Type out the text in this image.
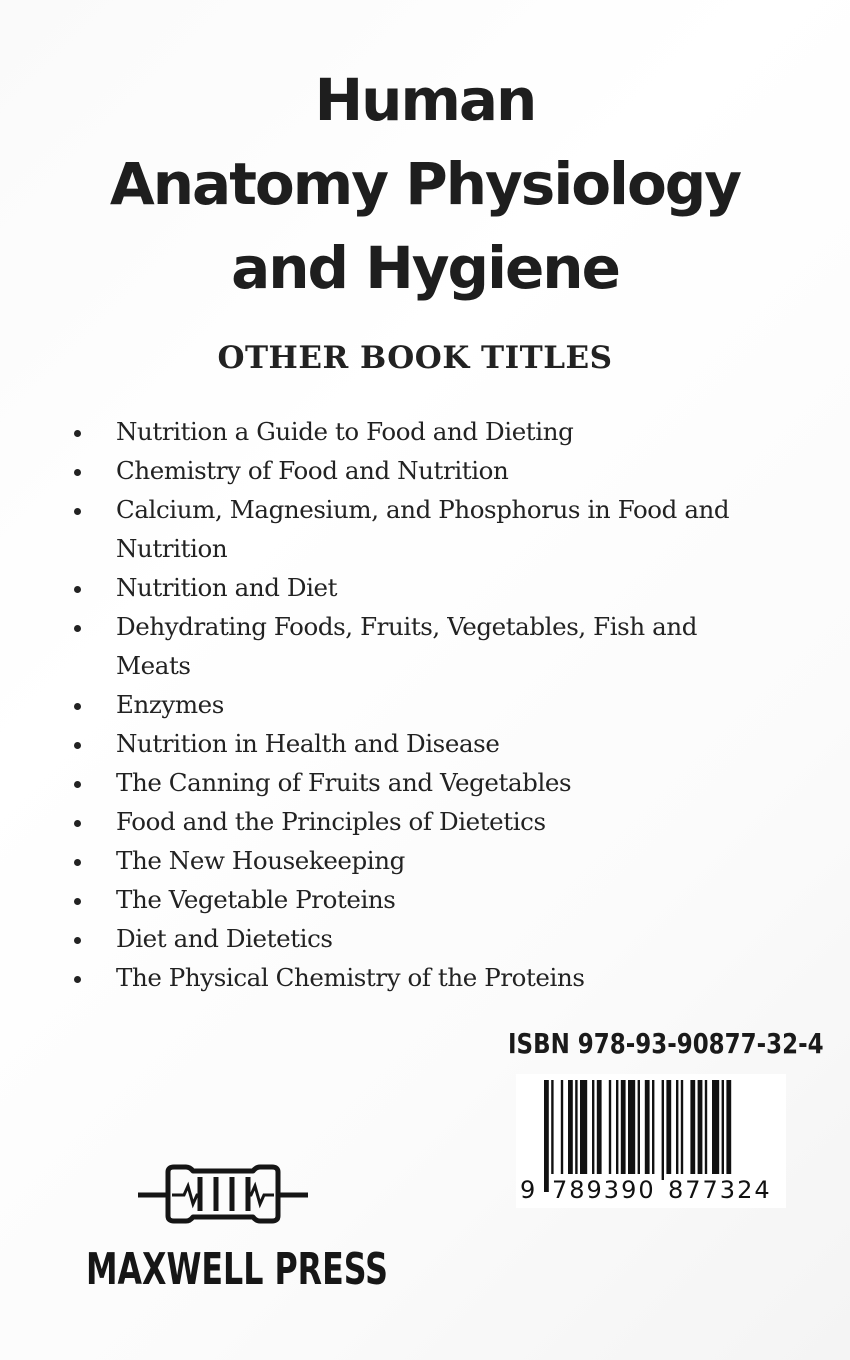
Human
Anatomy Physiology
and Hygiene
OTHER BOOK TITLES
Nutrition a Guide to Food and Dieting
Chemistry of Food and Nutrition
Calcium, Magnesium, and Phosphorus in Food and Nutrition
Nutrition and Diet
Dehydrating Foods, Fruits, Vegetables, Fish and Meats
Enzymes
Nutrition in Health and Disease
The Canning of Fruits and Vegetables
Food and the Principles of Dietetics
The New Housekeeping
The Vegetable Proteins
Diet and Dietetics
The Physical Chemistry of the Proteins
ISBN 978-93-90877-32-4
9 789390 877324
MAXWELL PRESS
